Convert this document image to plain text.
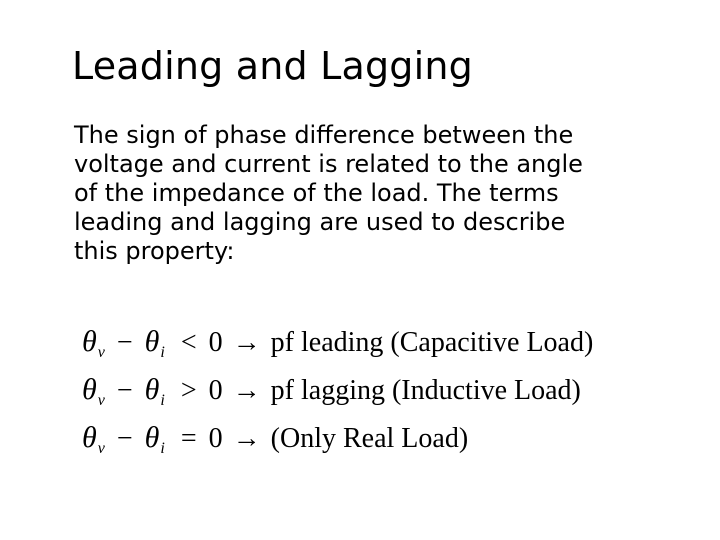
Leading and Lagging
The sign of phase difference between the
voltage and current is related to the angle
of the impedance of the load. The terms
leading and lagging are used to describe
this property:
θ v − θ i < 0 → pf leading (Capacitive Load)
θ v − θ i > 0 → pf lagging (Inductive Load)
θ v − θ i = 0 → (Only Real Load)
